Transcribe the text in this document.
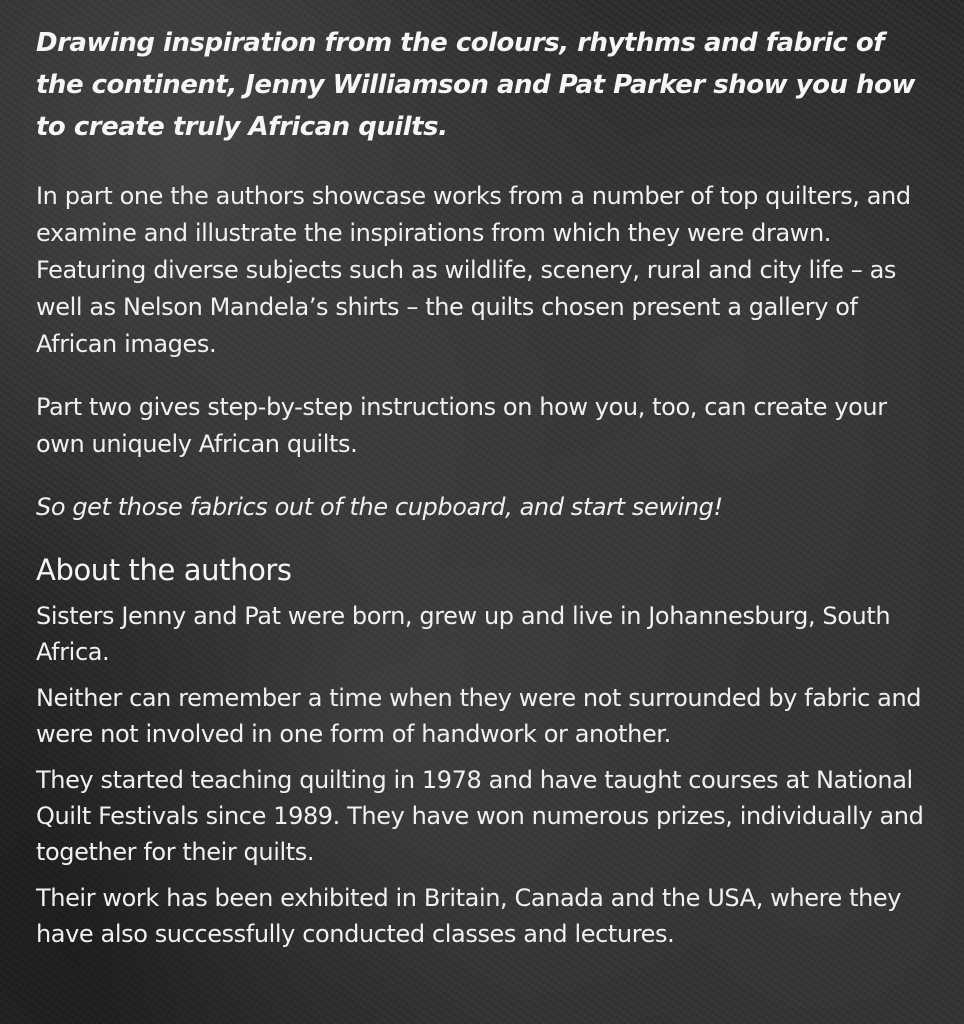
Drawing inspiration from the colours, rhythms and fabric of the continent, Jenny Williamson and Pat Parker show you how to create truly African quilts.

In part one the authors showcase works from a number of top quilters, and examine and illustrate the inspirations from which they were drawn. Featuring diverse subjects such as wildlife, scenery, rural and city life – as well as Nelson Mandela’s shirts – the quilts chosen present a gallery of African images.

Part two gives step-by-step instructions on how you, too, can create your own uniquely African quilts.

So get those fabrics out of the cupboard, and start sewing!

About the authors

Sisters Jenny and Pat were born, grew up and live in Johannesburg, South Africa.

Neither can remember a time when they were not surrounded by fabric and were not involved in one form of handwork or another.

They started teaching quilting in 1978 and have taught courses at National Quilt Festivals since 1989. They have won numerous prizes, individually and together for their quilts.

Their work has been exhibited in Britain, Canada and the USA, where they have also successfully conducted classes and lectures.
